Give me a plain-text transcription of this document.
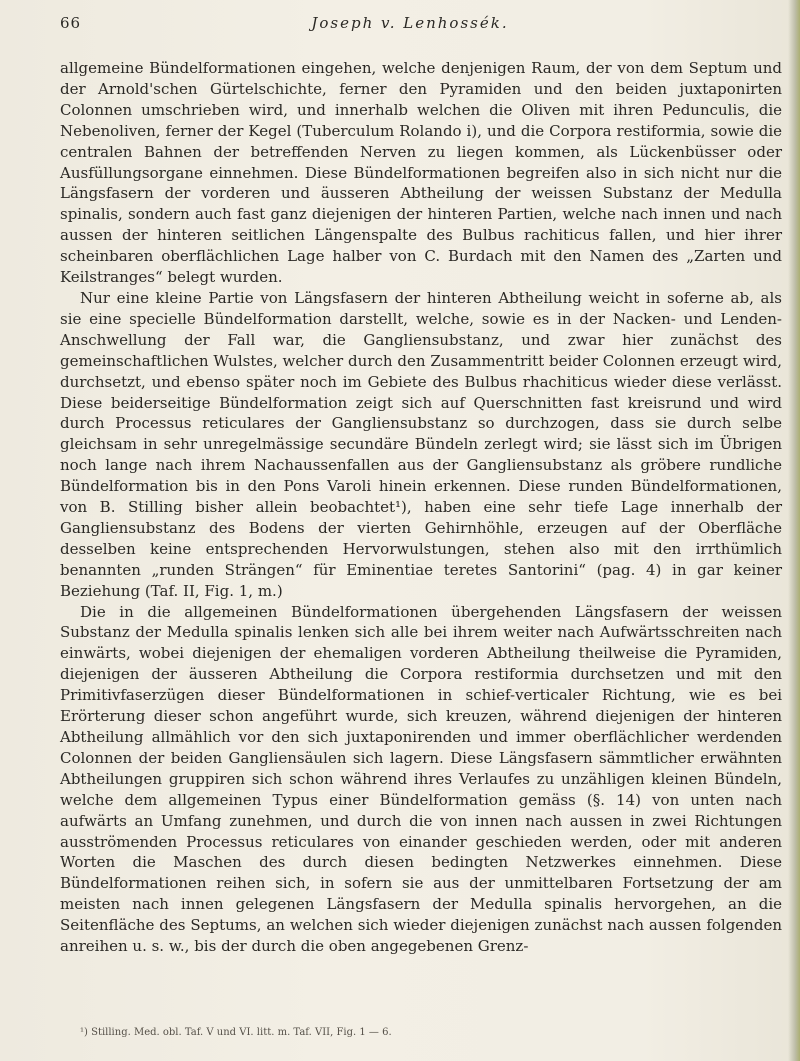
66	Joseph v. Lenhossék.

allgemeine Bündelformationen eingehen, welche denjenigen Raum, der von dem Septum und der Arnold'schen Gürtelschichte, ferner den Pyramiden und den beiden juxtaponirten Colonnen umschrieben wird, und innerhalb welchen die Oliven mit ihren Pedunculis, die Nebenoliven, ferner der Kegel (Tuberculum Rolando i), und die Corpora restiformia, sowie die centralen Bahnen der betreffenden Nerven zu liegen kommen, als Lückenbüsser oder Ausfüllungsorgane einnehmen. Diese Bündelformationen begreifen also in sich nicht nur die Längsfasern der vorderen und äusseren Abtheilung der weissen Substanz der Medulla spinalis, sondern auch fast ganz diejenigen der hinteren Partien, welche nach innen und nach aussen der hinteren seitlichen Längenspalte des Bulbus rachiticus fallen, und hier ihrer scheinbaren oberflächlichen Lage halber von C. Burdach mit den Namen des „Zarten und Keilstranges“ belegt wurden.

Nur eine kleine Partie von Längsfasern der hinteren Abtheilung weicht in soferne ab, als sie eine specielle Bündelformation darstellt, welche, sowie es in der Nacken- und Lenden-Anschwellung der Fall war, die Gangliensubstanz, und zwar hier zunächst des gemeinschaftlichen Wulstes, welcher durch den Zusammentritt beider Colonnen erzeugt wird, durchsetzt, und ebenso später noch im Gebiete des Bulbus rhachiticus wieder diese verlässt. Diese beiderseitige Bündelformation zeigt sich auf Querschnitten fast kreisrund und wird durch Processus reticulares der Gangliensubstanz so durchzogen, dass sie durch selbe gleichsam in sehr unregelmässige secundäre Bündeln zerlegt wird; sie lässt sich im Übrigen noch lange nach ihrem Nachaussenfallen aus der Gangliensubstanz als gröbere rundliche Bündelformation bis in den Pons Varoli hinein erkennen. Diese runden Bündelformationen, von B. Stilling bisher allein beobachtet¹), haben eine sehr tiefe Lage innerhalb der Gangliensubstanz des Bodens der vierten Gehirnhöhle, erzeugen auf der Oberfläche desselben keine entsprechenden Hervorwulstungen, stehen also mit den irrthümlich benannten „runden Strängen“ für Eminentiae teretes Santorini“ (pag. 4) in gar keiner Beziehung (Taf. II, Fig. 1, m.)

Die in die allgemeinen Bündelformationen übergehenden Längsfasern der weissen Substanz der Medulla spinalis lenken sich alle bei ihrem weiter nach Aufwärtsschreiten nach einwärts, wobei diejenigen der ehemaligen vorderen Abtheilung theilweise die Pyramiden, diejenigen der äusseren Abtheilung die Corpora restiformia durchsetzen und mit den Primitivfaserzügen dieser Bündelformationen in schief-verticaler Richtung, wie es bei Erörterung dieser schon angeführt wurde, sich kreuzen, während diejenigen der hinteren Abtheilung allmählich vor den sich juxtaponirenden und immer oberflächlicher werdenden Colonnen der beiden Gangliensäulen sich lagern. Diese Längsfasern sämmtlicher erwähnten Abtheilungen gruppiren sich schon während ihres Verlaufes zu unzähligen kleinen Bündeln, welche dem allgemeinen Typus einer Bündelformation gemäss (§. 14) von unten nach aufwärts an Umfang zunehmen, und durch die von innen nach aussen in zwei Richtungen ausströmenden Processus reticulares von einander geschieden werden, oder mit anderen Worten die Maschen des durch diesen bedingten Netzwerkes einnehmen. Diese Bündelformationen reihen sich, in sofern sie aus der unmittelbaren Fortsetzung der am meisten nach innen gelegenen Längsfasern der Medulla spinalis hervorgehen, an die Seitenfläche des Septums, an welchen sich wieder diejenigen zunächst nach aussen folgenden anreihen u. s. w., bis der durch die oben angegebenen Grenz-

¹) Stilling. Med. obl. Taf. V und VI. litt. m. Taf. VII, Fig. 1 — 6.
